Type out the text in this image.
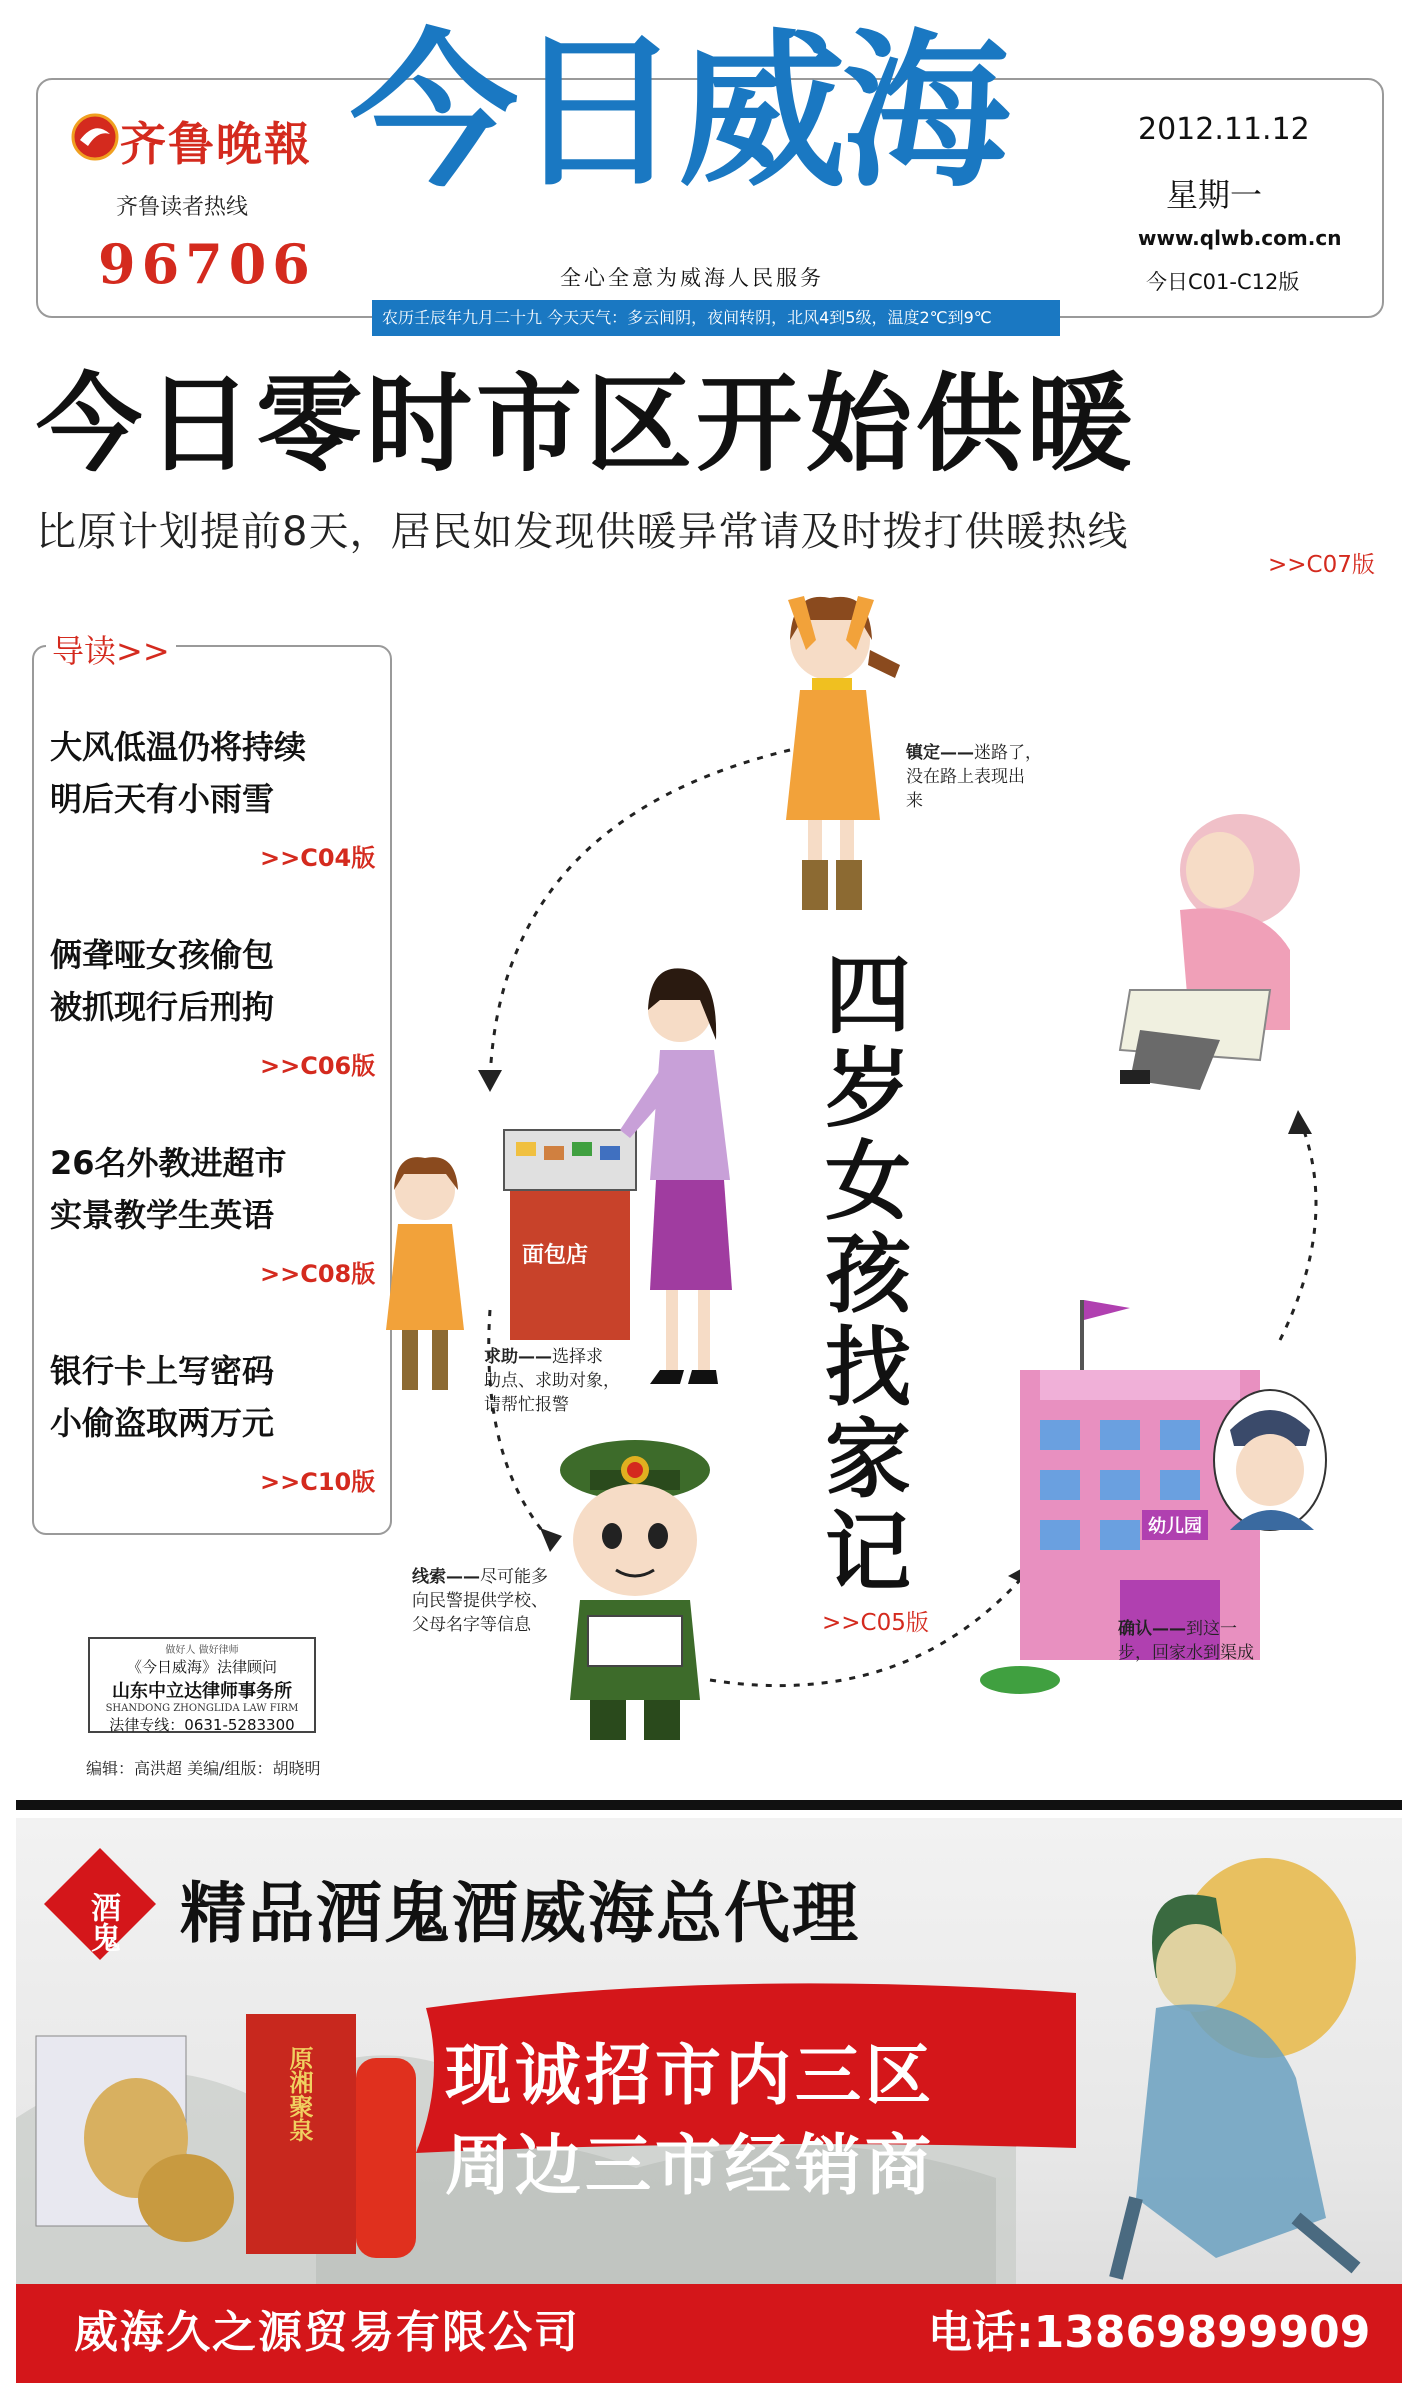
齐鲁晚報
齐鲁读者热线
96706
今日威海
全心全意为威海人民服务
2012.11.12
星期一
www.qlwb.com.cn
今日C01-C12版
农历壬辰年九月二十九 今天天气：多云间阴，夜间转阴，北风4到5级，温度2℃到9℃
今日零时市区开始供暖
比原计划提前8天，居民如发现供暖异常请及时拨打供暖热线
>>C07版
导读>>
大风低温仍将持续
明后天有小雨雪
>>C04版
俩聋哑女孩偷包
被抓现行后刑拘
>>C06版
26名外教进超市
实景教学生英语
>>C08版
银行卡上写密码
小偷盗取两万元
>>C10版
面包店
幼儿园
四岁女孩找家记
>>C05版
镇定——迷路了，
没在路上表现出
来
求助——选择求
助点、求助对象，
请帮忙报警
线索——尽可能多
向民警提供学校、
父母名字等信息	确认——到这一
步，回家水到渠成
做好人 做好律师
《今日威海》法律顾问
山东中立达律师事务所
SHANDONG ZHONGLIDA LAW FIRM
法律专线：0631-5283300
编辑：高洪超 美编/组版：胡晓明
酒鬼 精品酒鬼酒威海总代理
现诚招市内三区
周边三市经销商
原湘聚泉
威海久之源贸易有限公司	电话:13869899909
